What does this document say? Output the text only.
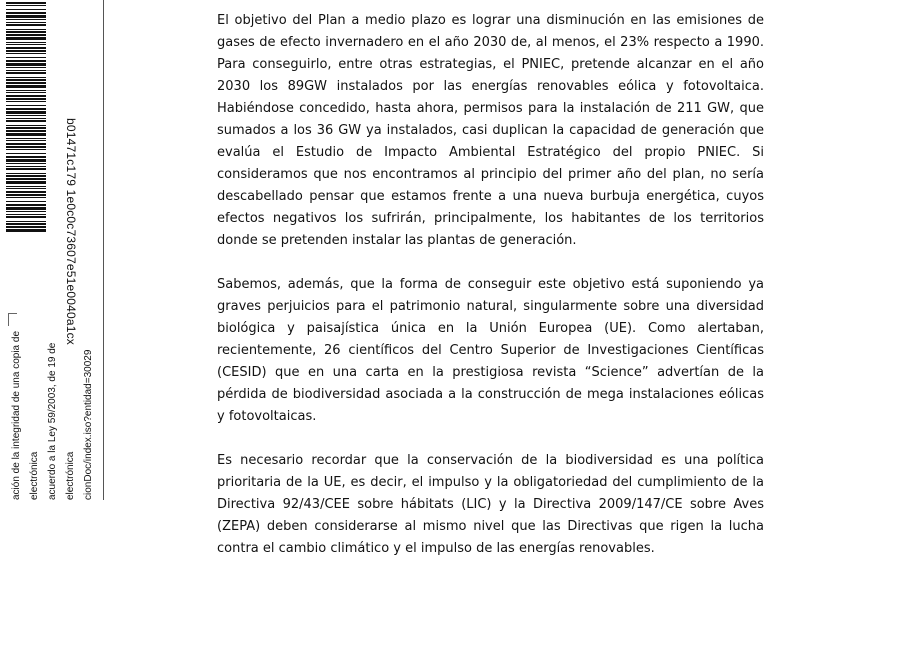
b01471c179 1e0c0c73607e51e0040a1cx
ación de la integridad de una copia de electrónica acuerdo a la Ley 59/2003, de 19 de electrónica cionDoc/index.iso?entidad=30029

El objetivo del Plan a medio plazo es lograr una disminución en las emisiones de gases de efecto invernadero en el año 2030 de, al menos, el 23% respecto a 1990. Para conseguirlo, entre otras estrategias, el PNIEC, pretende alcanzar en el año 2030 los 89GW instalados por las energías renovables eólica y fotovoltaica. Habiéndose concedido, hasta ahora, permisos para la instalación de 211 GW, que sumados a los 36 GW ya instalados, casi duplican la capacidad de generación que evalúa el Estudio de Impacto Ambiental Estratégico del propio PNIEC. Si consideramos que nos encontramos al principio del primer año del plan, no sería descabellado pensar que estamos frente a una nueva burbuja energética, cuyos efectos negativos los sufrirán, principalmente, los habitantes de los territorios donde se pretenden instalar las plantas de generación.

Sabemos, además, que la forma de conseguir este objetivo está suponiendo ya graves perjuicios para el patrimonio natural, singularmente sobre una diversidad biológica y paisajística única en la Unión Europea (UE). Como alertaban, recientemente, 26 científicos del Centro Superior de Investigaciones Científicas (CESID) que en una carta en la prestigiosa revista “Science” advertían de la pérdida de biodiversidad asociada a la construcción de mega instalaciones eólicas y fotovoltaicas.

Es necesario recordar que la conservación de la biodiversidad es una política prioritaria de la UE, es decir, el impulso y la obligatoriedad del cumplimiento de la Directiva 92/43/CEE sobre hábitats (LIC) y la Directiva 2009/147/CE sobre Aves (ZEPA) deben considerarse al mismo nivel que las Directivas que rigen la lucha contra el cambio climático y el impulso de las energías renovables.
